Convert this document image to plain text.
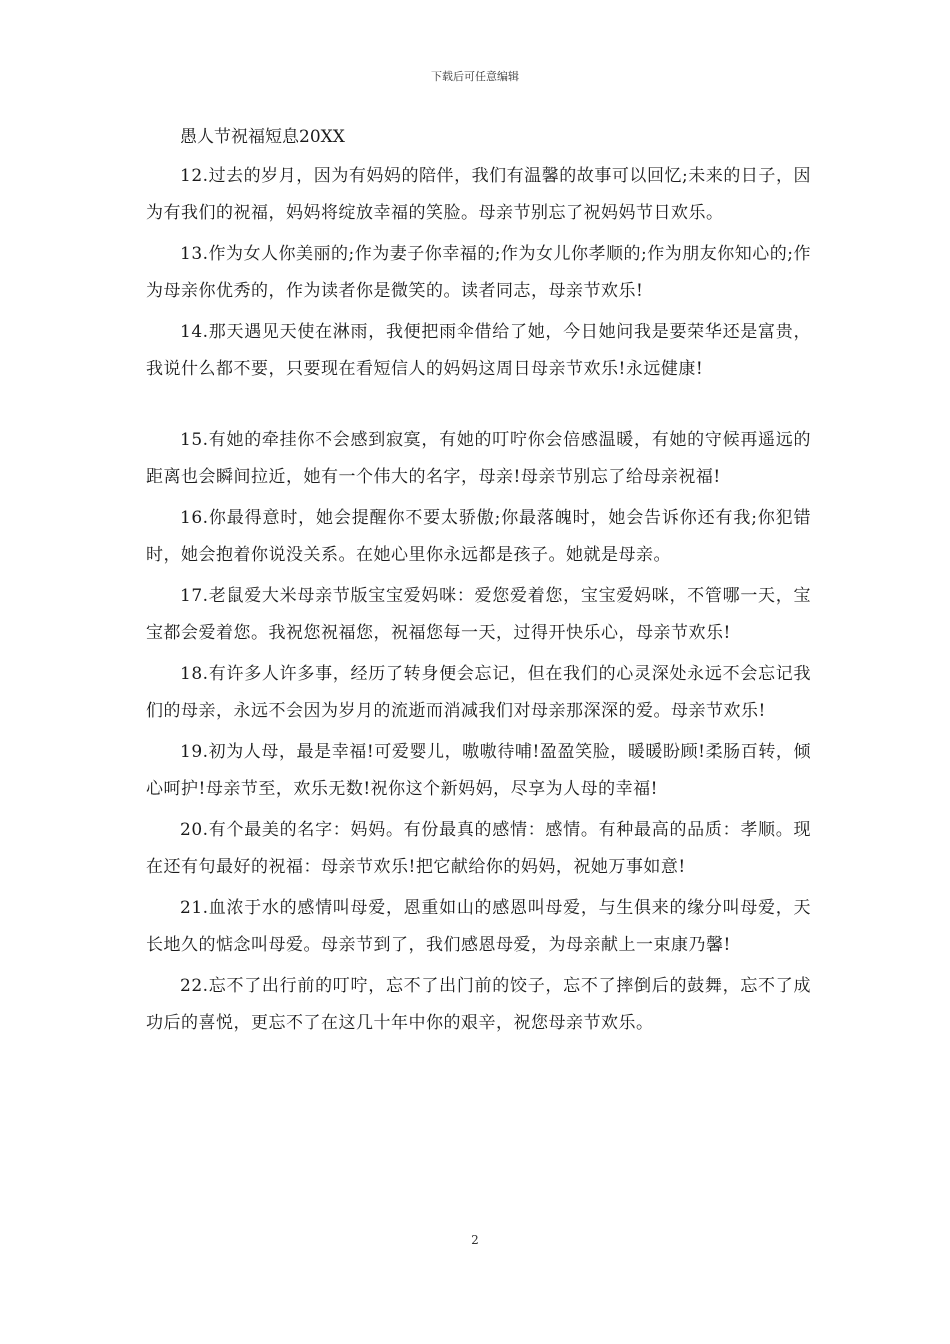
下载后可任意编辑
愚人节祝福短息20XX

12.过去的岁月，因为有妈妈的陪伴，我们有温馨的故事可以回忆;未来的日子，因为有我们的祝福，妈妈将绽放幸福的笑脸。母亲节别忘了祝妈妈节日欢乐。

13.作为女人你美丽的;作为妻子你幸福的;作为女儿你孝顺的;作为朋友你知心的;作为母亲你优秀的，作为读者你是微笑的。读者同志，母亲节欢乐!

14.那天遇见天使在淋雨，我便把雨伞借给了她，今日她问我是要荣华还是富贵，我说什么都不要，只要现在看短信人的妈妈这周日母亲节欢乐!永远健康!

15.有她的牵挂你不会感到寂寞，有她的叮咛你会倍感温暖，有她的守候再遥远的距离也会瞬间拉近，她有一个伟大的名字，母亲!母亲节别忘了给母亲祝福!

16.你最得意时，她会提醒你不要太骄傲;你最落魄时，她会告诉你还有我;你犯错时，她会抱着你说没关系。在她心里你永远都是孩子。她就是母亲。

17.老鼠爱大米母亲节版宝宝爱妈咪：爱您爱着您，宝宝爱妈咪，不管哪一天，宝宝都会爱着您。我祝您祝福您，祝福您每一天，过得开快乐心，母亲节欢乐!

18.有许多人许多事，经历了转身便会忘记，但在我们的心灵深处永远不会忘记我们的母亲，永远不会因为岁月的流逝而消减我们对母亲那深深的爱。母亲节欢乐!

19.初为人母，最是幸福!可爱婴儿，嗷嗷待哺!盈盈笑脸，暖暖盼顾!柔肠百转，倾心呵护!母亲节至，欢乐无数!祝你这个新妈妈，尽享为人母的幸福!

20.有个最美的名字：妈妈。有份最真的感情：感情。有种最高的品质：孝顺。现在还有句最好的祝福：母亲节欢乐!把它献给你的妈妈，祝她万事如意!

21.血浓于水的感情叫母爱，恩重如山的感恩叫母爱，与生俱来的缘分叫母爱，天长地久的惦念叫母爱。母亲节到了，我们感恩母爱，为母亲献上一束康乃馨!

22.忘不了出行前的叮咛，忘不了出门前的饺子，忘不了摔倒后的鼓舞，忘不了成功后的喜悦，更忘不了在这几十年中你的艰辛，祝您母亲节欢乐。

2
